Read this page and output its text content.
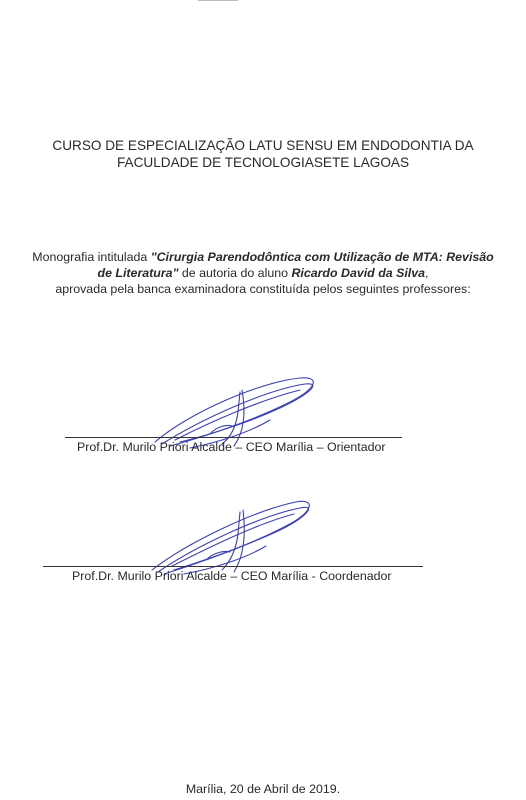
CURSO DE ESPECIALIZAÇÃO LATU SENSU EM ENDODONTIA DA
FACULDADE DE TECNOLOGIASETE LAGOAS
Monografia intitulada "Cirurgia Parendodôntica com Utilização de MTA: Revisão
de Literatura" de autoria do aluno Ricardo David da Silva,
aprovada pela banca examinadora constituída pelos seguintes professores:
Prof.Dr. Murilo Priori Alcalde – CEO Marília – Orientador
Prof.Dr. Murilo Priori Alcalde – CEO Marília - Coordenador
Marília, 20 de Abril de 2019.
